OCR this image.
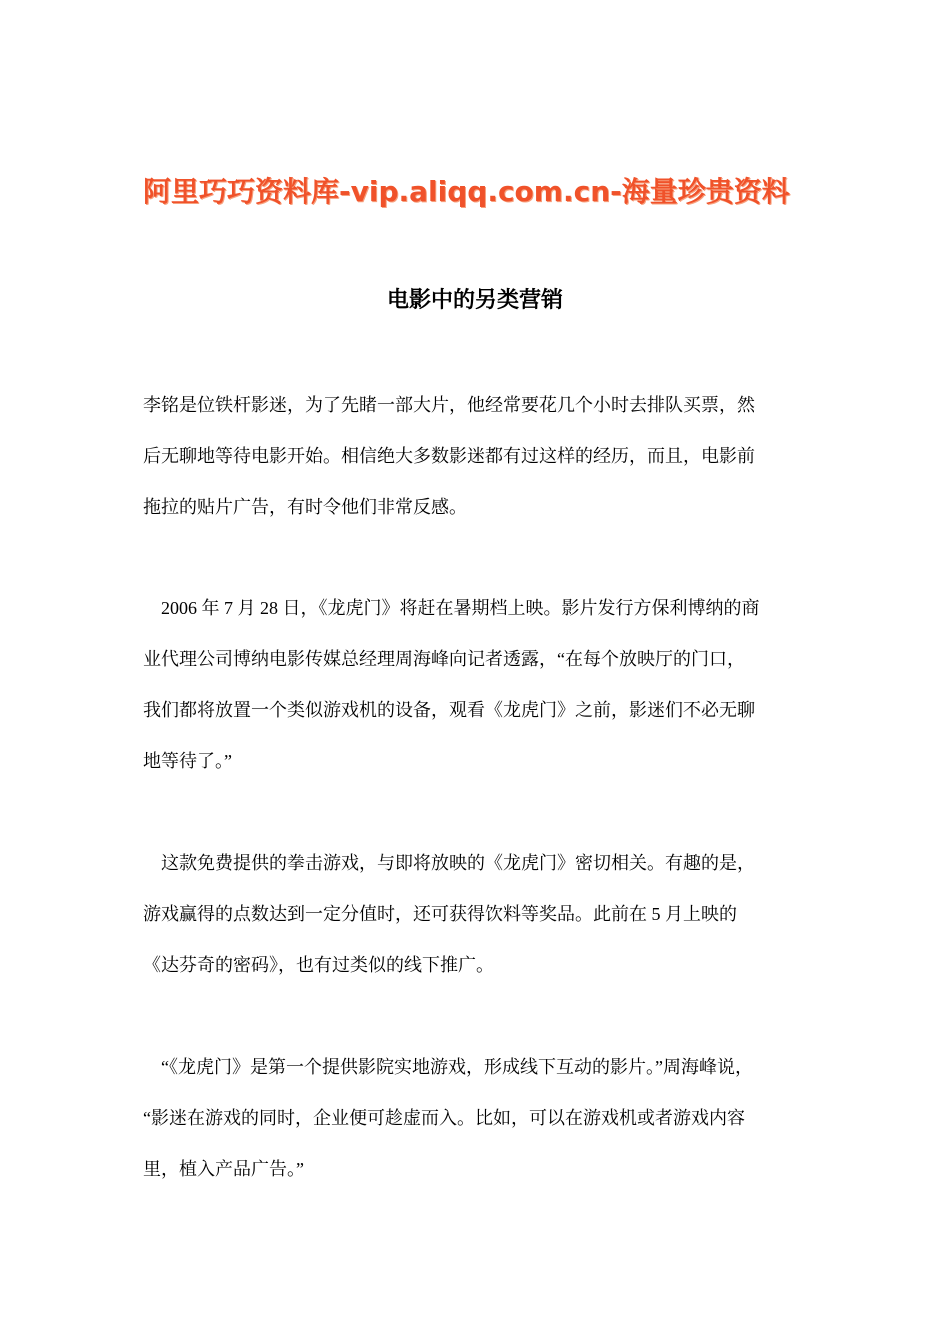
阿里巧巧资料库-vip.aliqq.com.cn-海量珍贵资料
电影中的另类营销
李铭是位铁杆影迷，为了先睹一部大片，他经常要花几个小时去排队买票，然
后无聊地等待电影开始。相信绝大多数影迷都有过这样的经历，而且，电影前
拖拉的贴片广告，有时令他们非常反感。
　2006 年 7 月 28 日，《龙虎门》将赶在暑期档上映。影片发行方保利博纳的商
业代理公司博纳电影传媒总经理周海峰向记者透露，“在每个放映厅的门口，
我们都将放置一个类似游戏机的设备，观看《龙虎门》之前，影迷们不必无聊
地等待了。”
　这款免费提供的拳击游戏，与即将放映的《龙虎门》密切相关。有趣的是，
游戏赢得的点数达到一定分值时，还可获得饮料等奖品。此前在 5 月上映的
《达芬奇的密码》，也有过类似的线下推广。
　“《龙虎门》是第一个提供影院实地游戏，形成线下互动的影片。”周海峰说，
“影迷在游戏的同时，企业便可趁虚而入。比如，可以在游戏机或者游戏内容
里，植入产品广告。”
